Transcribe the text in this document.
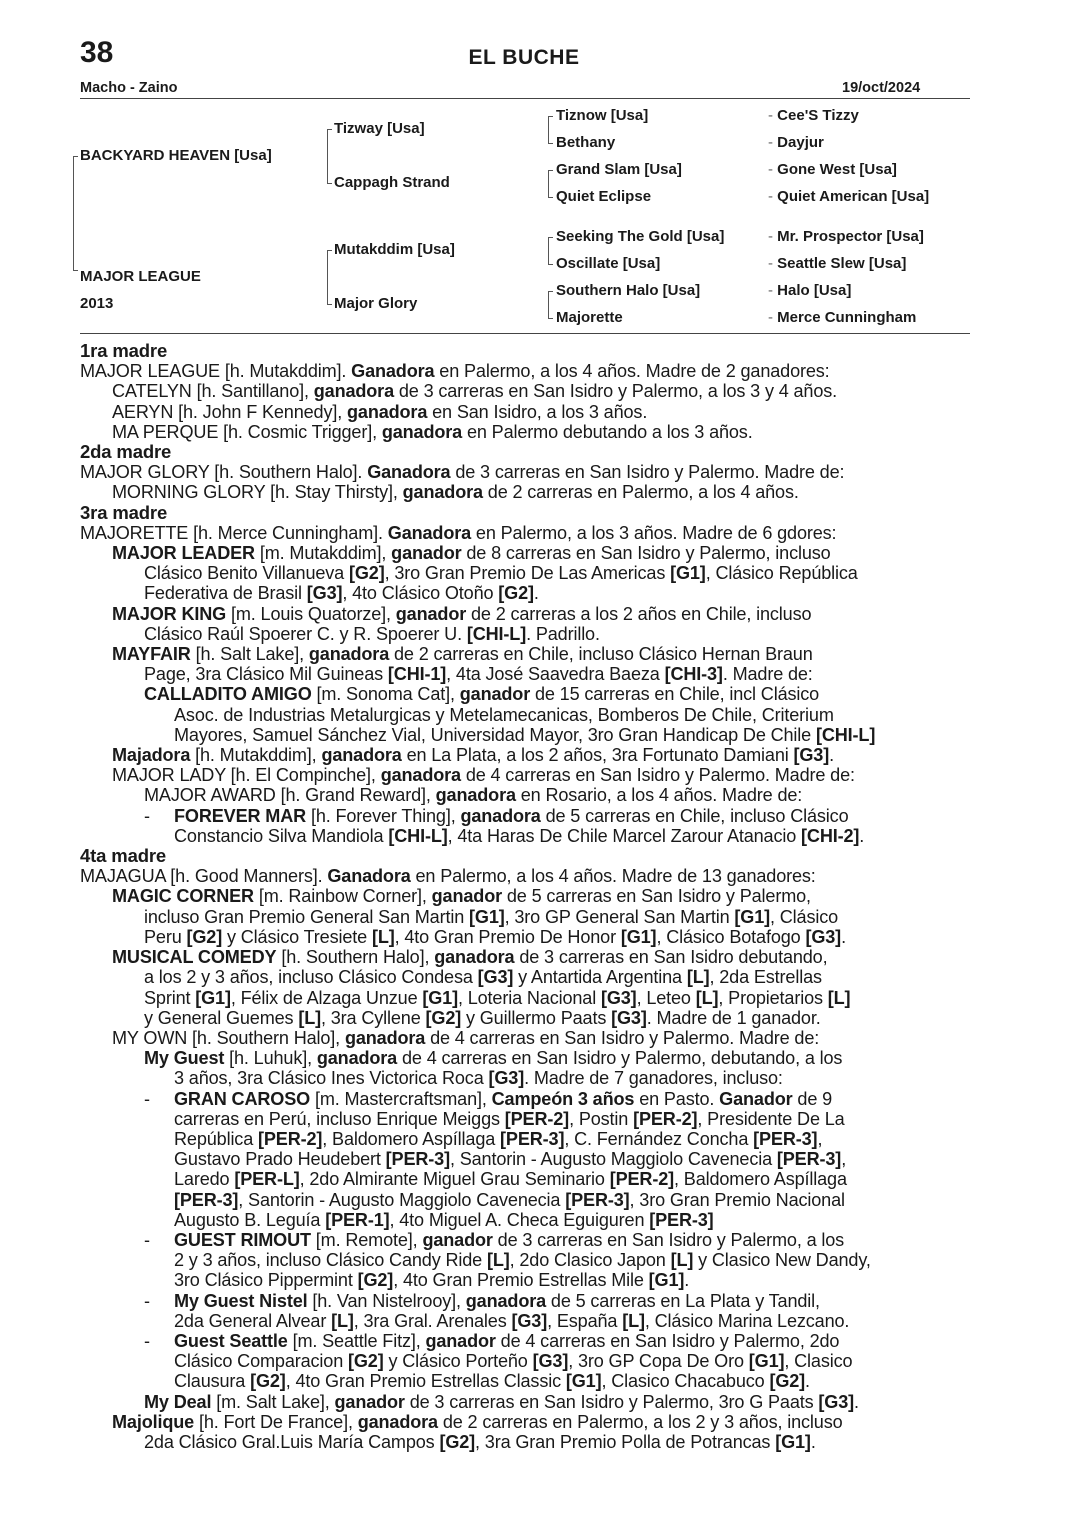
38	EL BUCHE
Macho - Zaino	19/oct/2024
BACKYARD HEAVEN [Usa]
MAJOR LEAGUE
2013
Tizway [Usa]
Cappagh Strand
Mutakddim [Usa]
Major Glory
Tiznow [Usa]
Bethany
Grand Slam [Usa]
Quiet Eclipse
Seeking The Gold [Usa]
Oscillate [Usa]
Southern Halo [Usa]
Majorette
- Cee'S Tizzy
- Dayjur
- Gone West [Usa]
- Quiet American [Usa]
- Mr. Prospector [Usa]
- Seattle Slew [Usa]
- Halo [Usa]
- Merce Cunningham
1ra madre
MAJOR LEAGUE [h. Mutakddim]. Ganadora en Palermo, a los 4 años. Madre de 2 ganadores:
CATELYN [h. Santillano], ganadora de 3 carreras en San Isidro y Palermo, a los 3 y 4 años.
AERYN [h. John F Kennedy], ganadora en San Isidro, a los 3 años.
MA PERQUE [h. Cosmic Trigger], ganadora en Palermo debutando a los 3 años.
2da madre
MAJOR GLORY [h. Southern Halo]. Ganadora de 3 carreras en San Isidro y Palermo. Madre de:
MORNING GLORY [h. Stay Thirsty], ganadora de 2 carreras en Palermo, a los 4 años.
3ra madre
MAJORETTE [h. Merce Cunningham]. Ganadora en Palermo, a los 3 años. Madre de 6 gdores:
MAJOR LEADER [m. Mutakddim], ganador de 8 carreras en San Isidro y Palermo, incluso
Clásico Benito Villanueva [G2], 3ro Gran Premio De Las Americas [G1], Clásico República
Federativa de Brasil [G3], 4to Clásico Otoño [G2].
MAJOR KING [m. Louis Quatorze], ganador de 2 carreras a los 2 años en Chile, incluso
Clásico Raúl Spoerer C. y R. Spoerer U. [CHI-L]. Padrillo.
MAYFAIR [h. Salt Lake], ganadora de 2 carreras en Chile, incluso Clásico Hernan Braun
Page, 3ra Clásico Mil Guineas [CHI-1], 4ta José Saavedra Baeza [CHI-3]. Madre de:
CALLADITO AMIGO [m. Sonoma Cat], ganador de 15 carreras en Chile, incl Clásico
Asoc. de Industrias Metalurgicas y Metelamecanicas, Bomberos De Chile, Criterium
Mayores, Samuel Sánchez Vial, Universidad Mayor, 3ro Gran Handicap De Chile [CHI-L]
Majadora [h. Mutakddim], ganadora en La Plata, a los 2 años, 3ra Fortunato Damiani [G3].
MAJOR LADY [h. El Compinche], ganadora de 4 carreras en San Isidro y Palermo. Madre de:
MAJOR AWARD [h. Grand Reward], ganadora en Rosario, a los 4 años. Madre de:
- FOREVER MAR [h. Forever Thing], ganadora de 5 carreras en Chile, incluso Clásico
Constancio Silva Mandiola [CHI-L], 4ta Haras De Chile Marcel Zarour Atanacio [CHI-2].
4ta madre
MAJAGUA [h. Good Manners]. Ganadora en Palermo, a los 4 años. Madre de 13 ganadores:
MAGIC CORNER [m. Rainbow Corner], ganador de 5 carreras en San Isidro y Palermo,
incluso Gran Premio General San Martin [G1], 3ro GP General San Martin [G1], Clásico
Peru [G2] y Clásico Tresiete [L], 4to Gran Premio De Honor [G1], Clásico Botafogo [G3].
MUSICAL COMEDY [h. Southern Halo], ganadora de 3 carreras en San Isidro debutando,
a los 2 y 3 años, incluso Clásico Condesa [G3] y Antartida Argentina [L], 2da Estrellas
Sprint [G1], Félix de Alzaga Unzue [G1], Loteria Nacional [G3], Leteo [L], Propietarios [L]
y General Guemes [L], 3ra Cyllene [G2] y Guillermo Paats [G3]. Madre de 1 ganador.
MY OWN [h. Southern Halo], ganadora de 4 carreras en San Isidro y Palermo. Madre de:
My Guest [h. Luhuk], ganadora de 4 carreras en San Isidro y Palermo, debutando, a los
3 años, 3ra Clásico Ines Victorica Roca [G3]. Madre de 7 ganadores, incluso:
- GRAN CAROSO [m. Mastercraftsman], Campeón 3 años en Pasto. Ganador de 9
carreras en Perú, incluso Enrique Meiggs [PER-2], Postin [PER-2], Presidente De La
República [PER-2], Baldomero Aspíllaga [PER-3], C. Fernández Concha [PER-3],
Gustavo Prado Heudebert [PER-3], Santorin - Augusto Maggiolo Cavenecia [PER-3],
Laredo [PER-L], 2do Almirante Miguel Grau Seminario [PER-2], Baldomero Aspíllaga
[PER-3], Santorin - Augusto Maggiolo Cavenecia [PER-3], 3ro Gran Premio Nacional
Augusto B. Leguía [PER-1], 4to Miguel A. Checa Eguiguren [PER-3]
- GUEST RIMOUT [m. Remote], ganador de 3 carreras en San Isidro y Palermo, a los
2 y 3 años, incluso Clásico Candy Ride [L], 2do Clasico Japon [L] y Clasico New Dandy,
3ro Clásico Pippermint [G2], 4to Gran Premio Estrellas Mile [G1].
- My Guest Nistel [h. Van Nistelrooy], ganadora de 5 carreras en La Plata y Tandil,
2da General Alvear [L], 3ra Gral. Arenales [G3], España [L], Clásico Marina Lezcano.
- Guest Seattle [m. Seattle Fitz], ganador de 4 carreras en San Isidro y Palermo, 2do
Clásico Comparacion [G2] y Clásico Porteño [G3], 3ro GP Copa De Oro [G1], Clasico
Clausura [G2], 4to Gran Premio Estrellas Classic [G1], Clasico Chacabuco [G2].
My Deal [m. Salt Lake], ganador de 3 carreras en San Isidro y Palermo, 3ro G Paats [G3].
Majolique [h. Fort De France], ganadora de 2 carreras en Palermo, a los 2 y 3 años, incluso
2da Clásico Gral.Luis María Campos [G2], 3ra Gran Premio Polla de Potrancas [G1].
